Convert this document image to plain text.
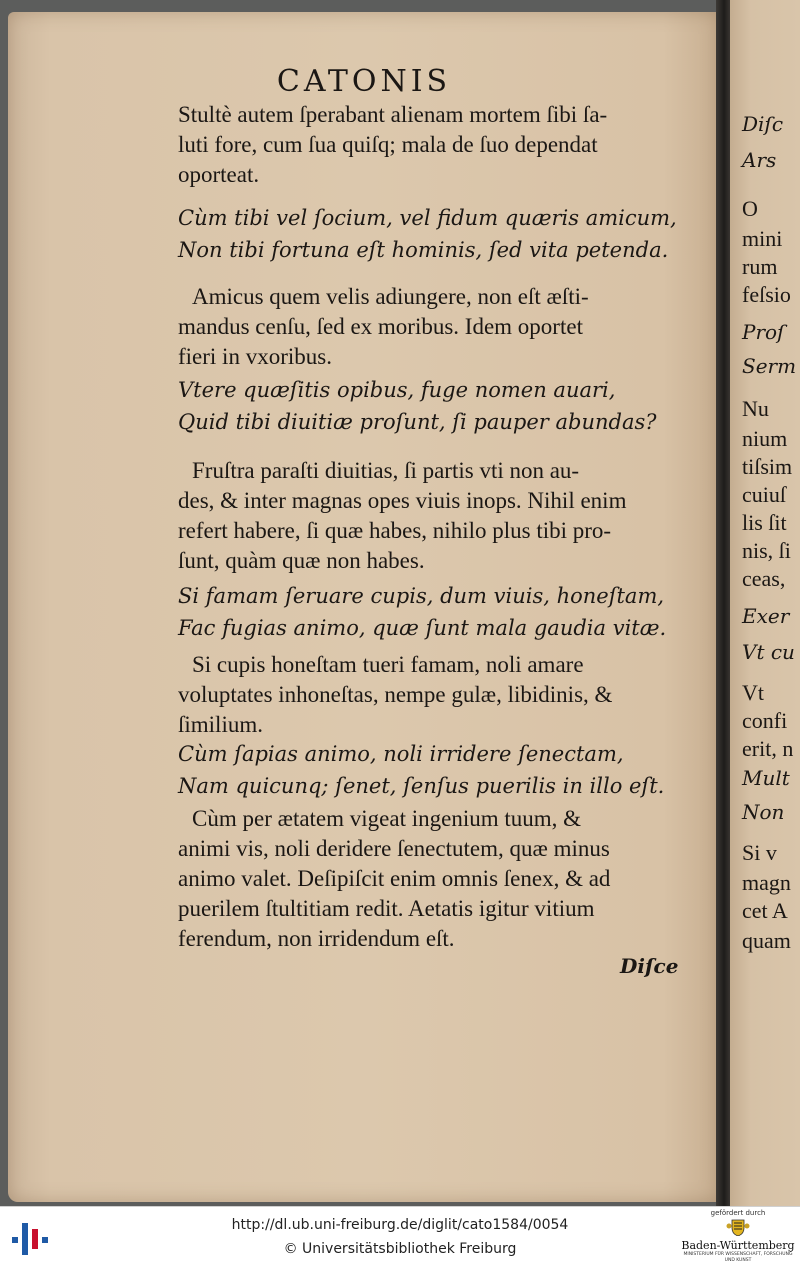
CATONIS
Stultè autem ſperabant alienam mortem ſibi ſa-
luti fore, cum ſua quiſq; mala de ſuo dependat
oporteat.
Cùm tibi vel ſocium, vel fidum quæris amicum,
Non tibi fortuna eſt hominis, ſed vita petenda.
Amicus quem velis adiungere, non eſt æſti-
mandus cenſu, ſed ex moribus. Idem oportet
fieri in vxoribus.
Vtere quæſitis opibus, fuge nomen auari,
Quid tibi diuitiæ proſunt, ſi pauper abundas?
Fruſtra paraſti diuitias, ſi partis vti non au-
des, & inter magnas opes viuis inops. Nihil enim
refert habere, ſi quæ habes, nihilo plus tibi pro-
ſunt, quàm quæ non habes.
Si famam ſeruare cupis, dum viuis, honeſtam,
Fac fugias animo, quæ ſunt mala gaudia vitæ.
Si cupis honeſtam tueri famam, noli amare
voluptates inhoneſtas, nempe gulæ, libidinis, &
ſimilium.
Cùm ſapias animo, noli irridere ſenectam,
Nam quicunq; ſenet, ſenſus puerilis in illo eſt.
Cùm per ætatem vigeat ingenium tuum, &
animi vis, noli deridere ſenectutem, quæ minus
animo valet. Deſipiſcit enim omnis ſenex, & ad
puerilem ſtultitiam redit. Aetatis igitur vitium
ferendum, non irridendum eſt.
Diſce
Diſc
Ars
O
mini
rum
feſsio
Proſ
Serm
Nu
nium
tiſsim
cuiuſ
lis ſit
nis, ſi
ceas,
Exer
Vt cu
Vt
confi
erit, n
Mult
Non
Si v
magn
cet A
quam
http://dl.ub.uni-freiburg.de/diglit/cato1584/0054
© Universitätsbibliothek Freiburg
gefördert durch
Baden-Württemberg
MINISTERIUM FÜR WISSENSCHAFT, FORSCHUNG UND KUNST
